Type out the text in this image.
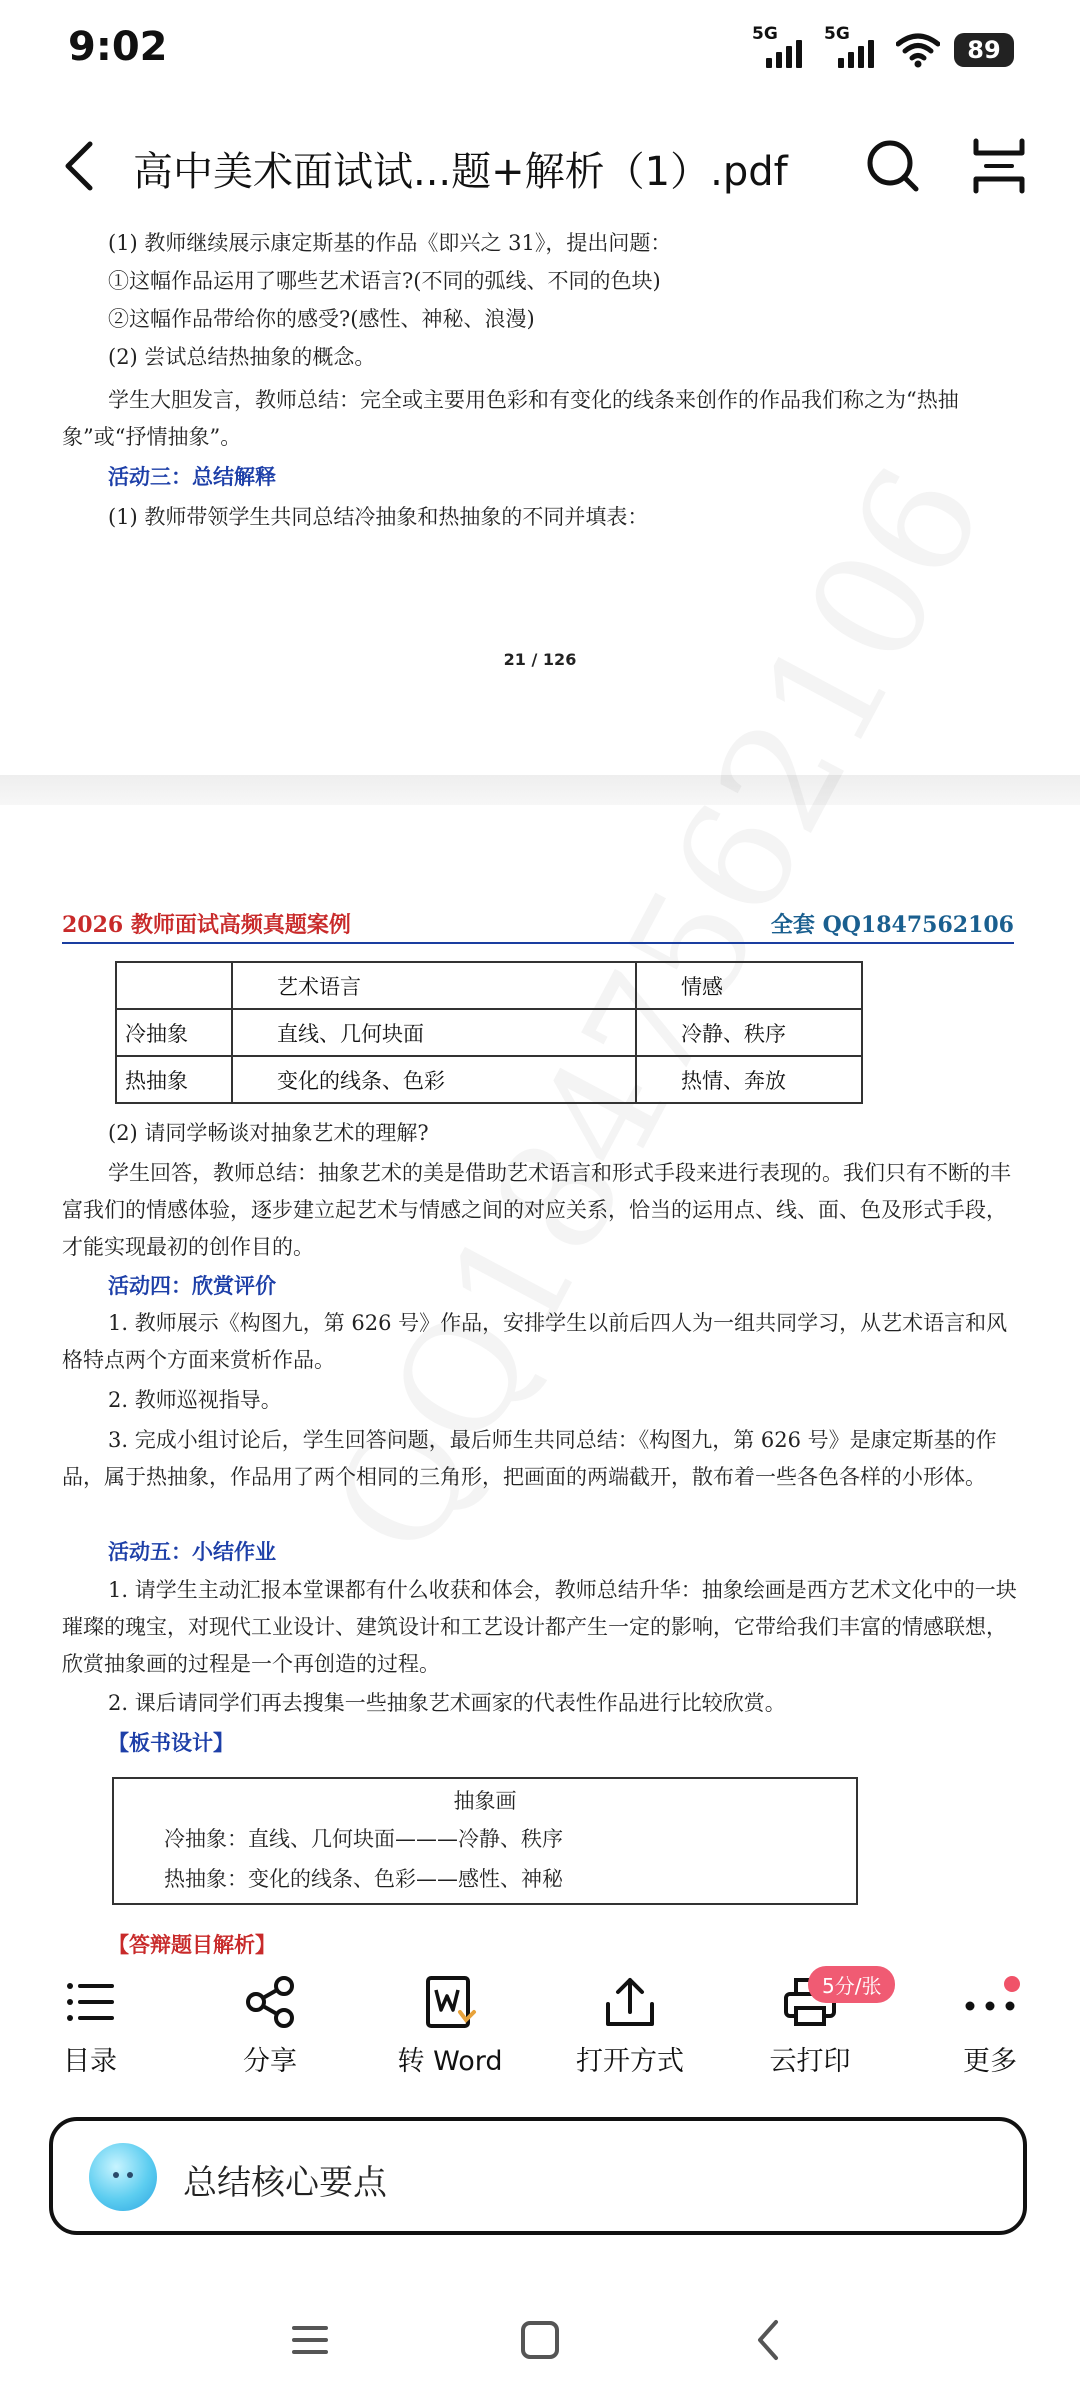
9:02	5G	5G
89
高中美术面试试...题+解析（1）.pdf
(1) 教师继续展示康定斯基的作品《即兴之 31》，提出问题：
①这幅作品运用了哪些艺术语言?(不同的弧线、不同的色块)
②这幅作品带给你的感受?(感性、神秘、浪漫)
(2) 尝试总结热抽象的概念。
学生大胆发言，教师总结：完全或主要用色彩和有变化的线条来创作的作品我们称之为“热抽象”或“抒情抽象”。
活动三：总结解释
(1) 教师带领学生共同总结冷抽象和热抽象的不同并填表：
21 / 126
2026 教师面试高频真题案例	全套 QQ1847562106
	艺术语言	情感
冷抽象	直线、几何块面	冷静、秩序
热抽象	变化的线条、色彩	热情、奔放
(2) 请同学畅谈对抽象艺术的理解?
学生回答，教师总结：抽象艺术的美是借助艺术语言和形式手段来进行表现的。我们只有不断的丰富我们的情感体验，逐步建立起艺术与情感之间的对应关系，恰当的运用点、线、面、色及形式手段，才能实现最初的创作目的。
活动四：欣赏评价
1. 教师展示《构图九，第 626 号》作品，安排学生以前后四人为一组共同学习，从艺术语言和风格特点两个方面来赏析作品。
2. 教师巡视指导。
3. 完成小组讨论后，学生回答问题，最后师生共同总结：《构图九，第 626 号》是康定斯基的作品，属于热抽象，作品用了两个相同的三角形，把画面的两端截开，散布着一些各色各样的小形体。
活动五：小结作业
1. 请学生主动汇报本堂课都有什么收获和体会，教师总结升华：抽象绘画是西方艺术文化中的一块璀璨的瑰宝，对现代工业设计、建筑设计和工艺设计都产生一定的影响，它带给我们丰富的情感联想，欣赏抽象画的过程是一个再创造的过程。
2. 课后请同学们再去搜集一些抽象艺术画家的代表性作品进行比较欣赏。
【板书设计】
抽象画
冷抽象：直线、几何块面———冷静、秩序
热抽象：变化的线条、色彩——感性、神秘
【答辩题目解析】
目录	分享	转 Word	打开方式	云打印	更多
5分/张
总结核心要点
